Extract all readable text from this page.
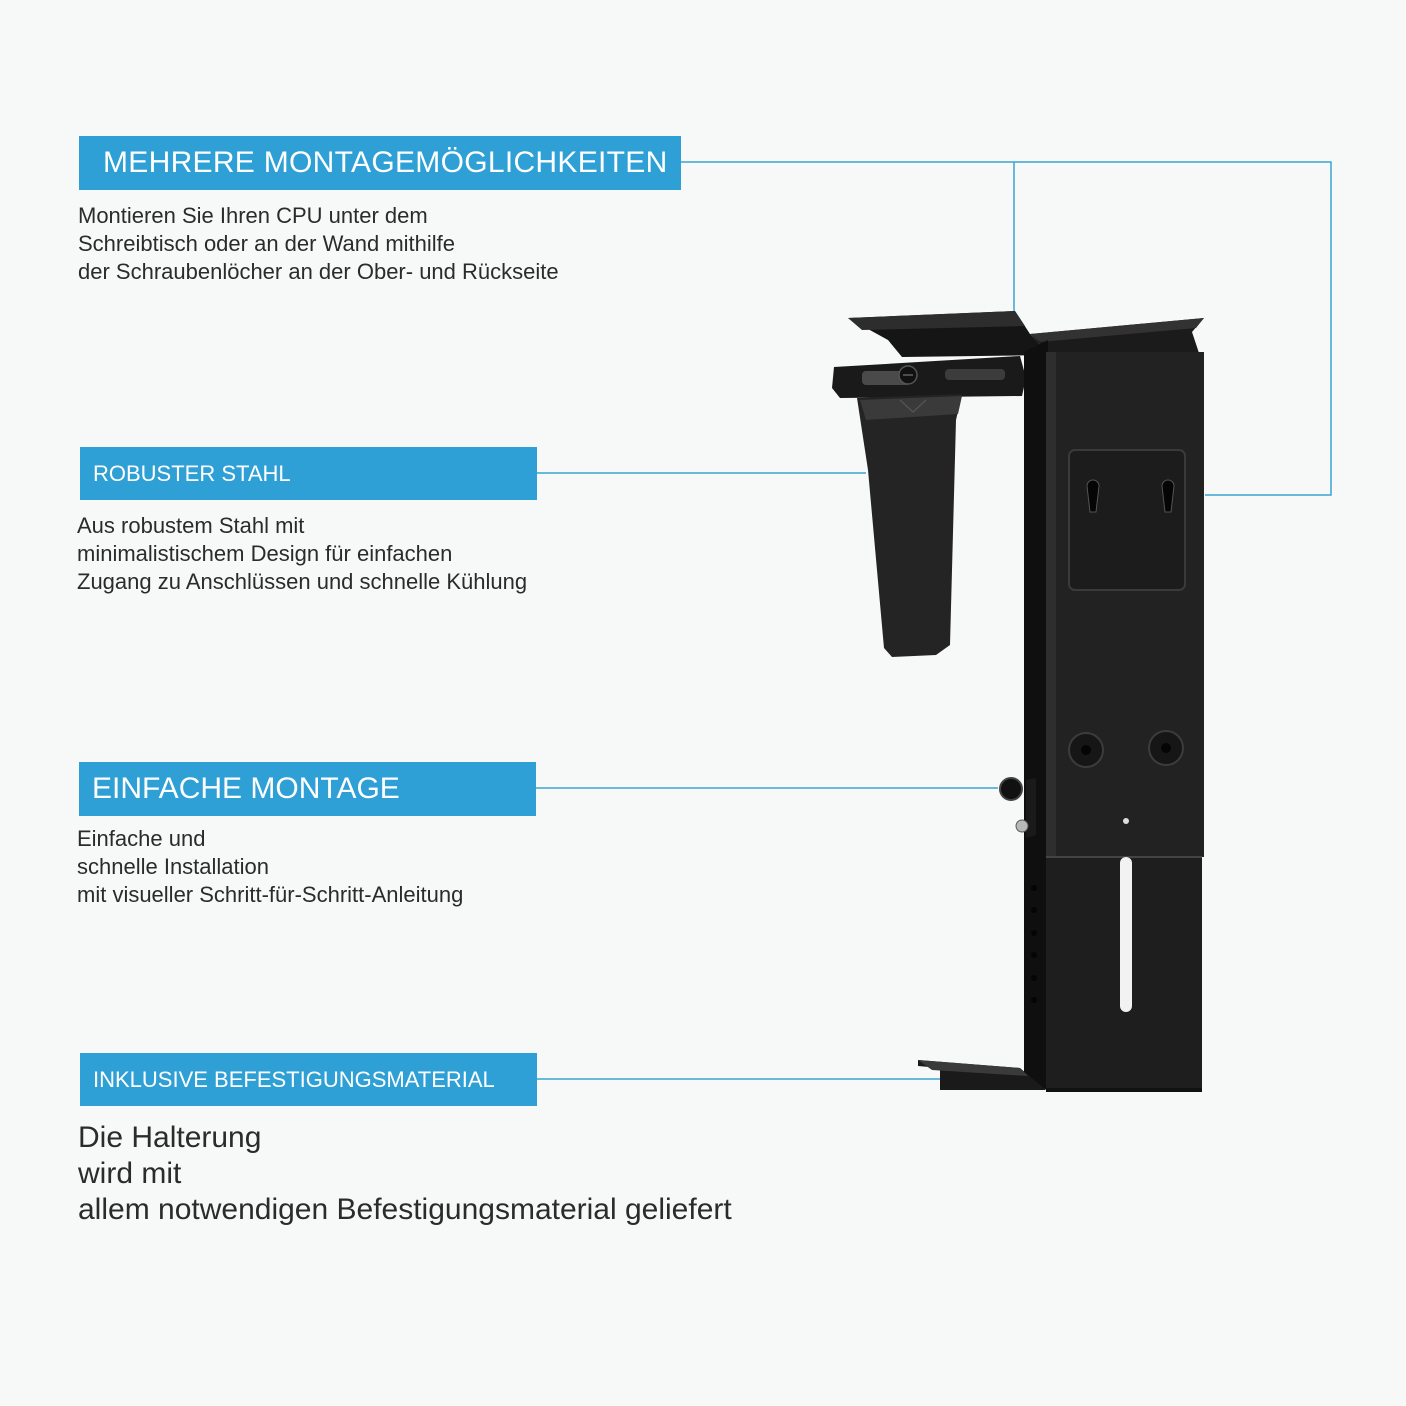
MEHRERE MONTAGEMÖGLICHKEITEN

Montieren Sie Ihren CPU unter dem
Schreibtisch oder an der Wand mithilfe
der Schraubenlöcher an der Ober- und Rückseite

ROBUSTER STAHL

Aus robustem Stahl mit
minimalistischem Design für einfachen
Zugang zu Anschlüssen und schnelle Kühlung

EINFACHE MONTAGE

Einfache und
schnelle Installation
mit visueller Schritt-für-Schritt-Anleitung

INKLUSIVE BEFESTIGUNGSMATERIAL

Die Halterung
wird mit
allem notwendigen Befestigungsmaterial geliefert
